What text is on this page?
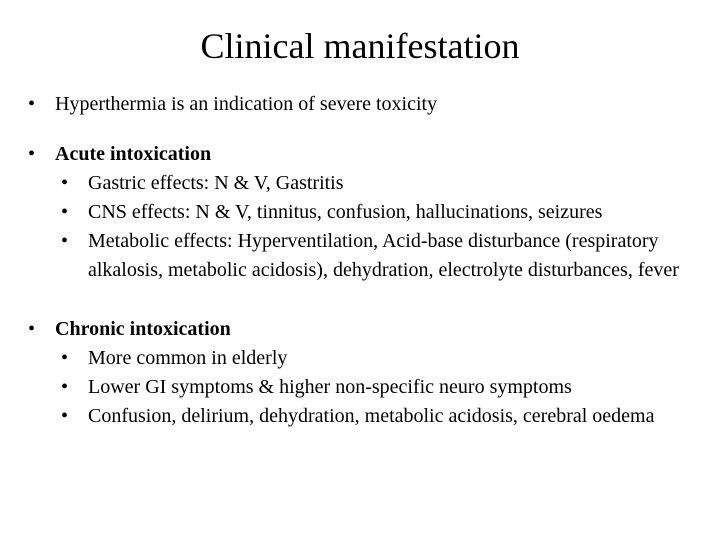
Clinical manifestation
• Hyperthermia is an indication of severe toxicity
• Acute intoxication
• Gastric effects: N & V, Gastritis
• CNS effects: N & V, tinnitus, confusion, hallucinations, seizures
• Metabolic effects: Hyperventilation, Acid-base disturbance (respiratory alkalosis, metabolic acidosis), dehydration, electrolyte disturbances, fever
• Chronic intoxication
• More common in elderly
• Lower GI symptoms & higher non-specific neuro symptoms
• Confusion, delirium, dehydration, metabolic acidosis, cerebral oedema
